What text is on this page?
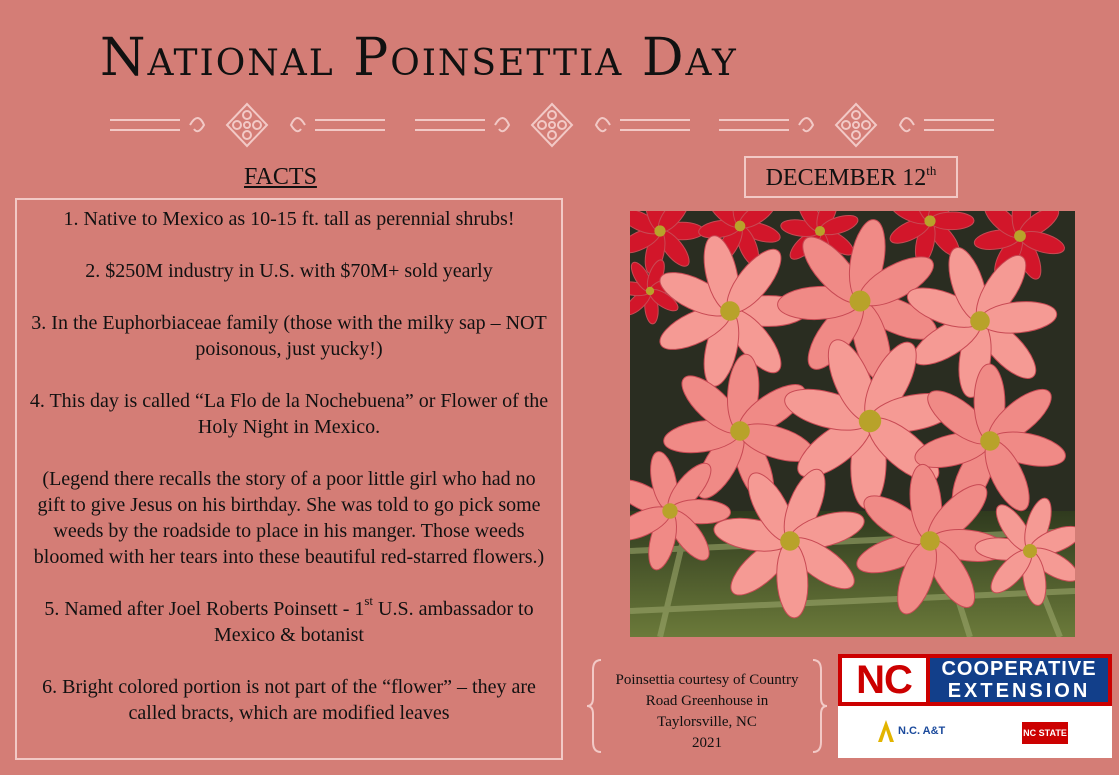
National Poinsettia Day
FACTS

1. Native to Mexico as 10-15 ft. tall as perennial shrubs!

2. $250M industry in U.S. with $70M+ sold yearly

3. In the Euphorbiaceae family (those with the milky sap – NOT poisonous, just yucky!)

4. This day is called “La Flo de la Nochebuena” or Flower of the Holy Night in Mexico.

(Legend there recalls the story of a poor little girl who had no gift to give Jesus on his birthday. She was told to go pick some weeds by the roadside to place in his manger. Those weeds bloomed with her tears into these beautiful red-starred flowers.)

5. Named after Joel Roberts Poinsett - 1st U.S. ambassador to Mexico & botanist

6. Bright colored portion is not part of the “flower” – they are called bracts, which are modified leaves

DECEMBER 12th
Poinsettia courtesy of Country
Road Greenhouse in
Taylorsville, NC
2021
NC	COOPERATIVE
EXTENSION
N.C. A&T	NC STATE
